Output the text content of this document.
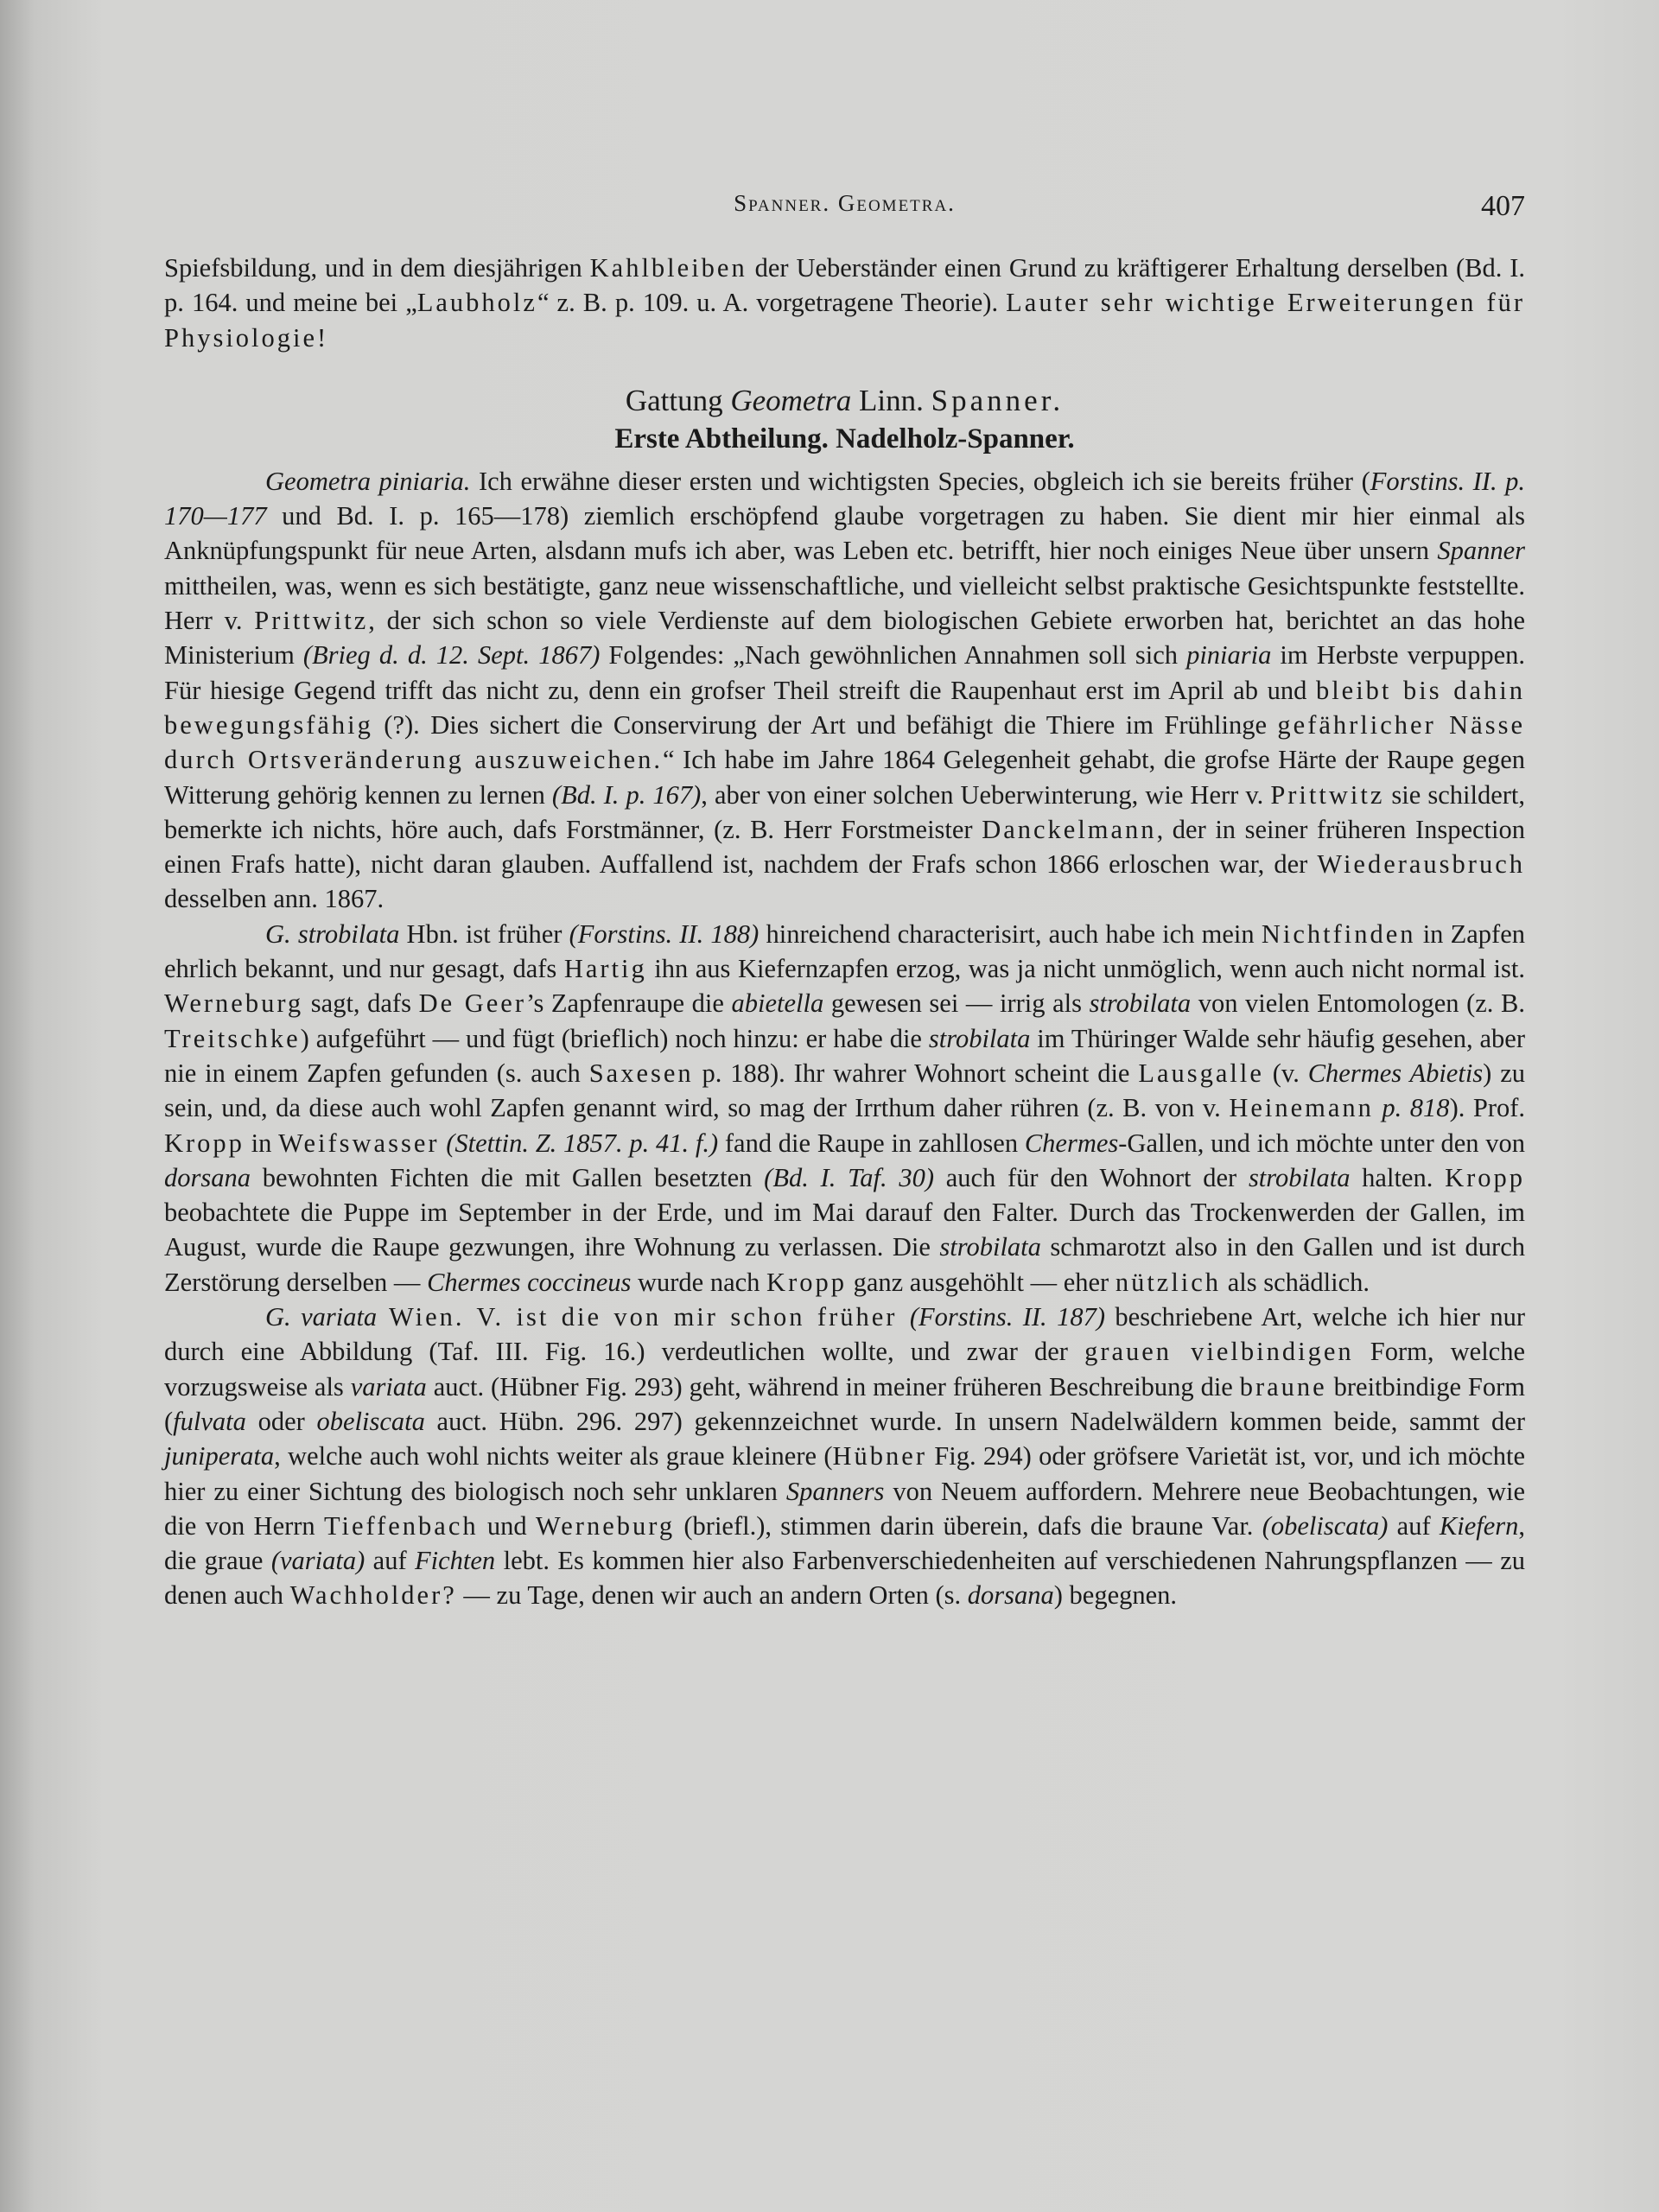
Spanner. Geometra.	407

Spiefsbildung, und in dem diesjährigen Kahlbleiben der Ueberständer einen Grund zu kräftigerer Erhaltung derselben (Bd. I. p. 164. und meine bei „Laubholz“ z. B. p. 109. u. A. vorgetragene Theorie). Lauter sehr wichtige Erweiterungen für Physiologie!

Gattung Geometra Linn. Spanner.
Erste Abtheilung. Nadelholz-Spanner.

Geometra piniaria. Ich erwähne dieser ersten und wichtigsten Species, obgleich ich sie bereits früher (Forstins. II. p. 170—177 und Bd. I. p. 165—178) ziemlich erschöpfend glaube vorgetragen zu haben. Sie dient mir hier einmal als Anknüpfungspunkt für neue Arten, alsdann mufs ich aber, was Leben etc. betrifft, hier noch einiges Neue über unsern Spanner mittheilen, was, wenn es sich bestätigte, ganz neue wissenschaftliche, und vielleicht selbst praktische Gesichtspunkte feststellte. Herr v. Prittwitz, der sich schon so viele Verdienste auf dem biologischen Gebiete erworben hat, berichtet an das hohe Ministerium (Brieg d. d. 12. Sept. 1867) Folgendes: „Nach gewöhnlichen Annahmen soll sich piniaria im Herbste verpuppen. Für hiesige Gegend trifft das nicht zu, denn ein grofser Theil streift die Raupenhaut erst im April ab und bleibt bis dahin bewegungsfähig (?). Dies sichert die Conservirung der Art und befähigt die Thiere im Frühlinge gefährlicher Nässe durch Ortsveränderung auszuweichen.“ Ich habe im Jahre 1864 Gelegenheit gehabt, die grofse Härte der Raupe gegen Witterung gehörig kennen zu lernen (Bd. I. p. 167), aber von einer solchen Ueberwinterung, wie Herr v. Prittwitz sie schildert, bemerkte ich nichts, höre auch, dafs Forstmänner, (z. B. Herr Forstmeister Danckelmann, der in seiner früheren Inspection einen Frafs hatte), nicht daran glauben. Auffallend ist, nachdem der Frafs schon 1866 erloschen war, der Wiederausbruch desselben ann. 1867.

G. strobilata Hbn. ist früher (Forstins. II. 188) hinreichend characterisirt, auch habe ich mein Nichtfinden in Zapfen ehrlich bekannt, und nur gesagt, dafs Hartig ihn aus Kiefernzapfen erzog, was ja nicht unmöglich, wenn auch nicht normal ist. Werneburg sagt, dafs De Geer’s Zapfenraupe die abietella gewesen sei — irrig als strobilata von vielen Entomologen (z. B. Treitschke) aufgeführt — und fügt (brieflich) noch hinzu: er habe die strobilata im Thüringer Walde sehr häufig gesehen, aber nie in einem Zapfen gefunden (s. auch Saxesen p. 188). Ihr wahrer Wohnort scheint die Lausgalle (v. Chermes Abietis) zu sein, und, da diese auch wohl Zapfen genannt wird, so mag der Irrthum daher rühren (z. B. von v. Heinemann p. 818). Prof. Kropp in Weifswasser (Stettin. Z. 1857. p. 41. f.) fand die Raupe in zahllosen Chermes-Gallen, und ich möchte unter den von dorsana bewohnten Fichten die mit Gallen besetzten (Bd. I. Taf. 30) auch für den Wohnort der strobilata halten. Kropp beobachtete die Puppe im September in der Erde, und im Mai darauf den Falter. Durch das Trockenwerden der Gallen, im August, wurde die Raupe gezwungen, ihre Wohnung zu verlassen. Die strobilata schmarotzt also in den Gallen und ist durch Zerstörung derselben — Chermes coccineus wurde nach Kropp ganz ausgehöhlt — eher nützlich als schädlich.

G. variata Wien. V. ist die von mir schon früher (Forstins. II. 187) beschriebene Art, welche ich hier nur durch eine Abbildung (Taf. III. Fig. 16.) verdeutlichen wollte, und zwar der grauen vielbindigen Form, welche vorzugsweise als variata auct. (Hübner Fig. 293) geht, während in meiner früheren Beschreibung die braune breitbindige Form (fulvata oder obeliscata auct. Hübn. 296. 297) gekennzeichnet wurde. In unsern Nadelwäldern kommen beide, sammt der juniperata, welche auch wohl nichts weiter als graue kleinere (Hübner Fig. 294) oder gröfsere Varietät ist, vor, und ich möchte hier zu einer Sichtung des biologisch noch sehr unklaren Spanners von Neuem auffordern. Mehrere neue Beobachtungen, wie die von Herrn Tieffenbach und Werneburg (briefl.), stimmen darin überein, dafs die braune Var. (obeliscata) auf Kiefern, die graue (variata) auf Fichten lebt. Es kommen hier also Farbenverschiedenheiten auf verschiedenen Nahrungspflanzen — zu denen auch Wachholder? — zu Tage, denen wir auch an andern Orten (s. dorsana) begegnen.
